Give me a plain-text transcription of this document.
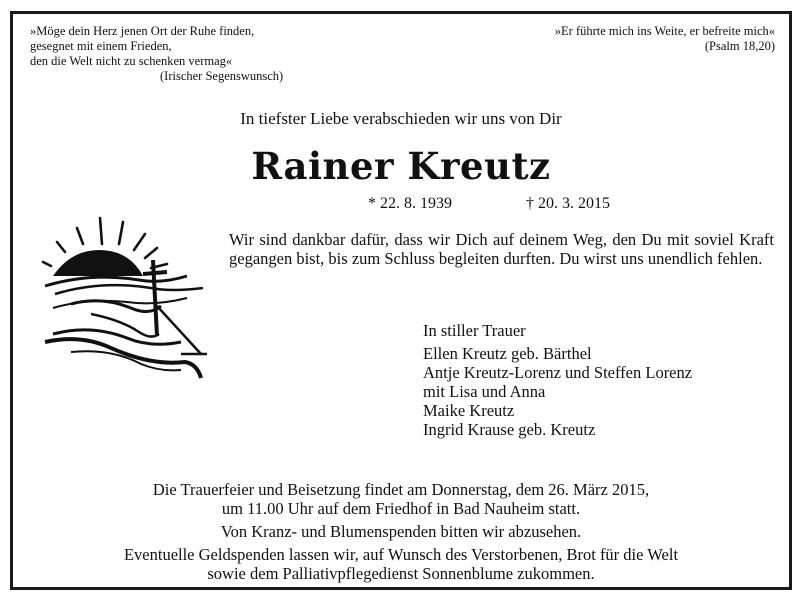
»Möge dein Herz jenen Ort der Ruhe finden,
gesegnet mit einem Frieden,
den die Welt nicht zu schenken vermag«
(Irischer Segenswunsch)
»Er führte mich ins Weite, er befreite mich«
(Psalm 18,20)
In tiefster Liebe verabschieden wir uns von Dir
Rainer Kreutz
* 22. 8. 1939	† 20. 3. 2015
Wir sind dankbar dafür, dass wir Dich auf deinem Weg, den Du mit soviel Kraft gegangen bist, bis zum Schluss begleiten durften. Du wirst uns unendlich fehlen.
In stiller Trauer
Ellen Kreutz geb. Bärthel
Antje Kreutz-Lorenz und Steffen Lorenz
mit Lisa und Anna
Maike Kreutz
Ingrid Krause geb. Kreutz
Die Trauerfeier und Beisetzung findet am Donnerstag, dem 26. März 2015,
um 11.00 Uhr auf dem Friedhof in Bad Nauheim statt.
Von Kranz- und Blumenspenden bitten wir abzusehen.
Eventuelle Geldspenden lassen wir, auf Wunsch des Verstorbenen, Brot für die Welt
sowie dem Palliativpflegedienst Sonnenblume zukommen.
